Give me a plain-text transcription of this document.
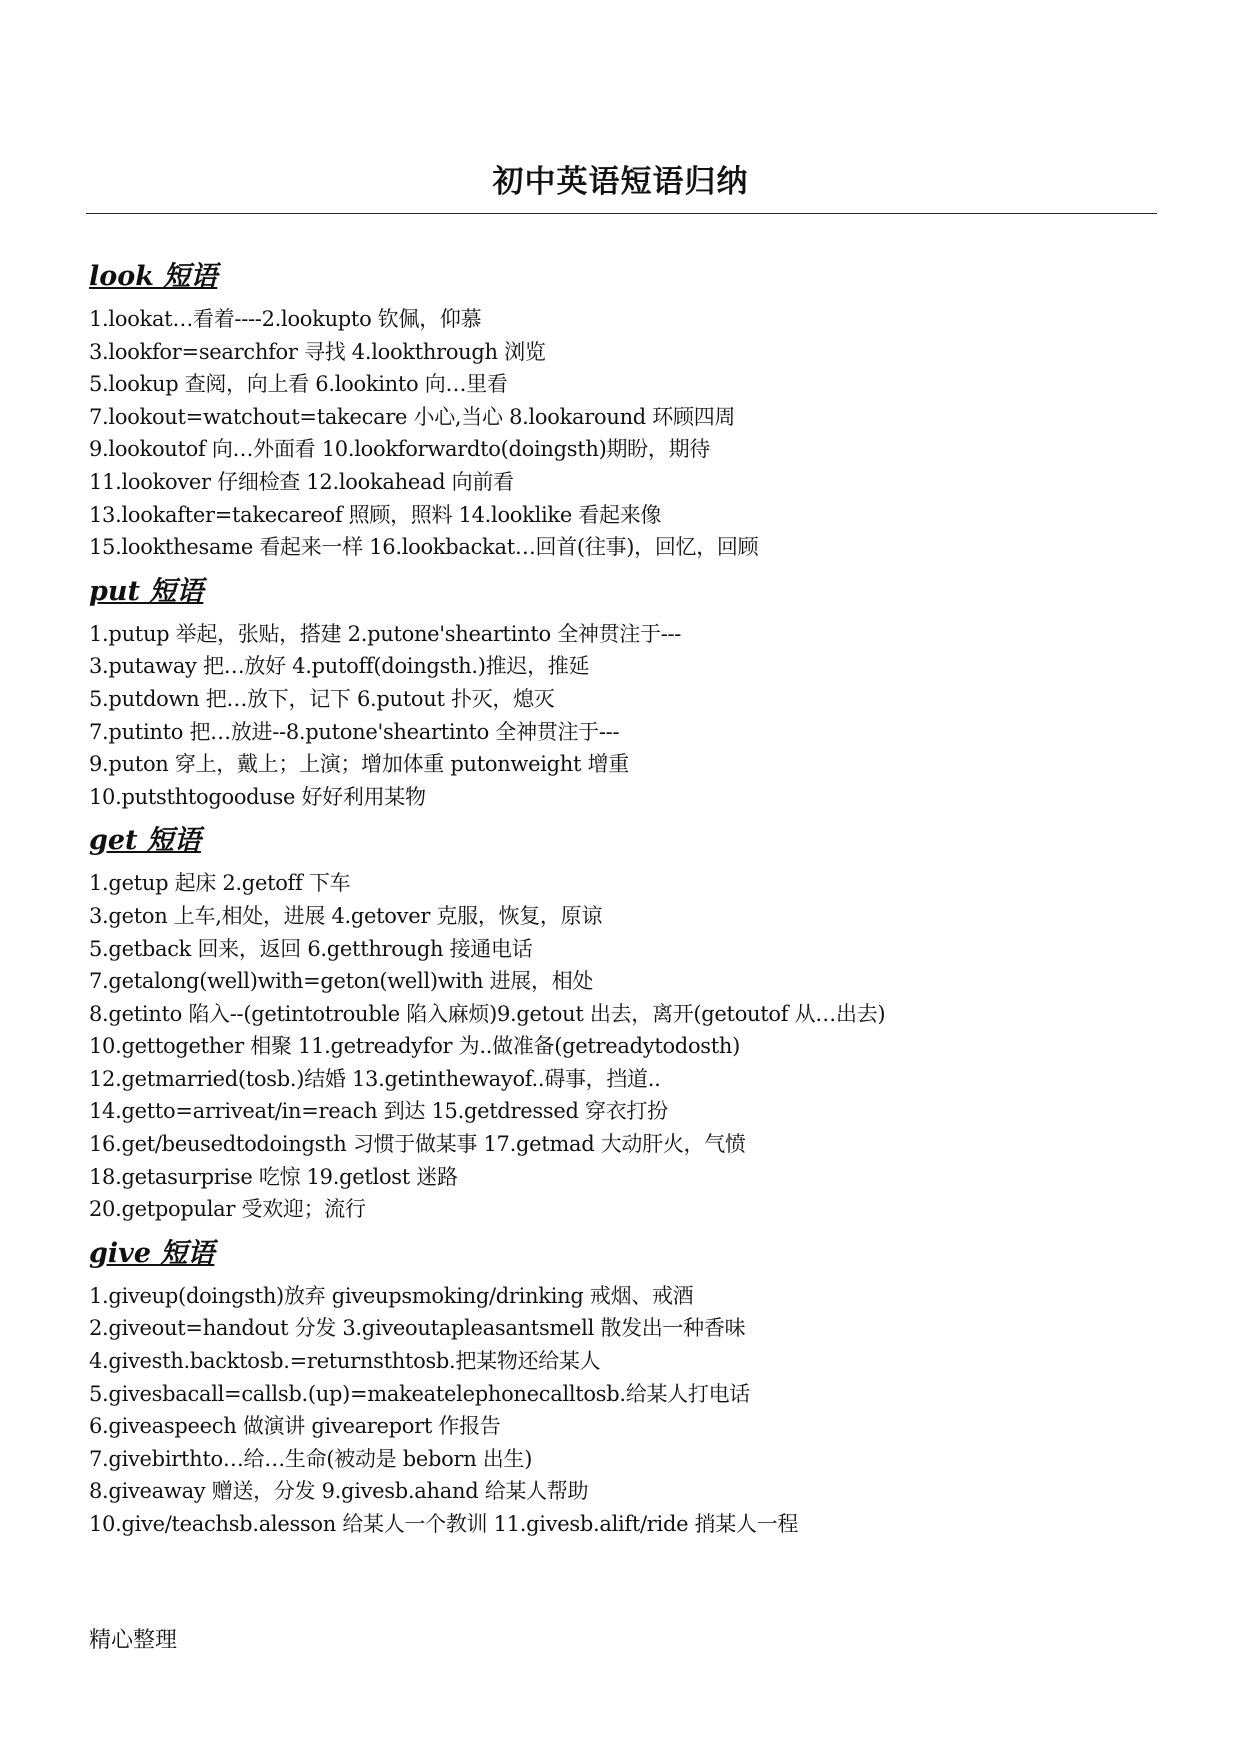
初中英语短语归纳
look 短语
1.lookat…看着----2.lookupto 钦佩，仰慕
3.lookfor=searchfor 寻找 4.lookthrough 浏览
5.lookup 查阅，向上看 6.lookinto 向…里看
7.lookout=watchout=takecare 小心,当心 8.lookaround 环顾四周
9.lookoutof 向…外面看 10.lookforwardto(doingsth)期盼，期待
11.lookover 仔细检查 12.lookahead 向前看
13.lookafter=takecareof 照顾，照料 14.looklike 看起来像
15.lookthesame 看起来一样 16.lookbackat…回首(往事)，回忆，回顾
put 短语
1.putup 举起，张贴，搭建 2.putone'sheartinto 全神贯注于---
3.putaway 把…放好 4.putoff(doingsth.)推迟，推延
5.putdown 把…放下，记下 6.putout 扑灭，熄灭
7.putinto 把…放进--8.putone'sheartinto 全神贯注于---
9.puton 穿上，戴上；上演；增加体重 putonweight 增重
10.putsthtogooduse 好好利用某物
get 短语
1.getup 起床 2.getoff 下车
3.geton 上车,相处，进展 4.getover 克服，恢复，原谅
5.getback 回来，返回 6.getthrough 接通电话
7.getalong(well)with=geton(well)with 进展，相处
8.getinto 陷入--(getintotrouble 陷入麻烦)9.getout 出去，离开(getoutof 从…出去)
10.gettogether 相聚 11.getreadyfor 为..做准备(getreadytodosth)
12.getmarried(tosb.)结婚 13.getinthewayof..碍事，挡道..
14.getto=arriveat/in=reach 到达 15.getdressed 穿衣打扮
16.get/beusedtodoingsth 习惯于做某事 17.getmad 大动肝火，气愤
18.getasurprise 吃惊 19.getlost 迷路
20.getpopular 受欢迎；流行
give 短语
1.giveup(doingsth)放弃 giveupsmoking/drinking 戒烟、戒酒
2.giveout=handout 分发 3.giveoutapleasantsmell 散发出一种香味
4.givesth.backtosb.=returnsthtosb.把某物还给某人
5.givesbacall=callsb.(up)=makeatelephonecalltosb.给某人打电话
6.giveaspeech 做演讲 giveareport 作报告
7.givebirthto…给…生命(被动是 beborn 出生)
8.giveaway 赠送，分发 9.givesb.ahand 给某人帮助
10.give/teachsb.alesson 给某人一个教训 11.givesb.alift/ride 捎某人一程
精心整理
